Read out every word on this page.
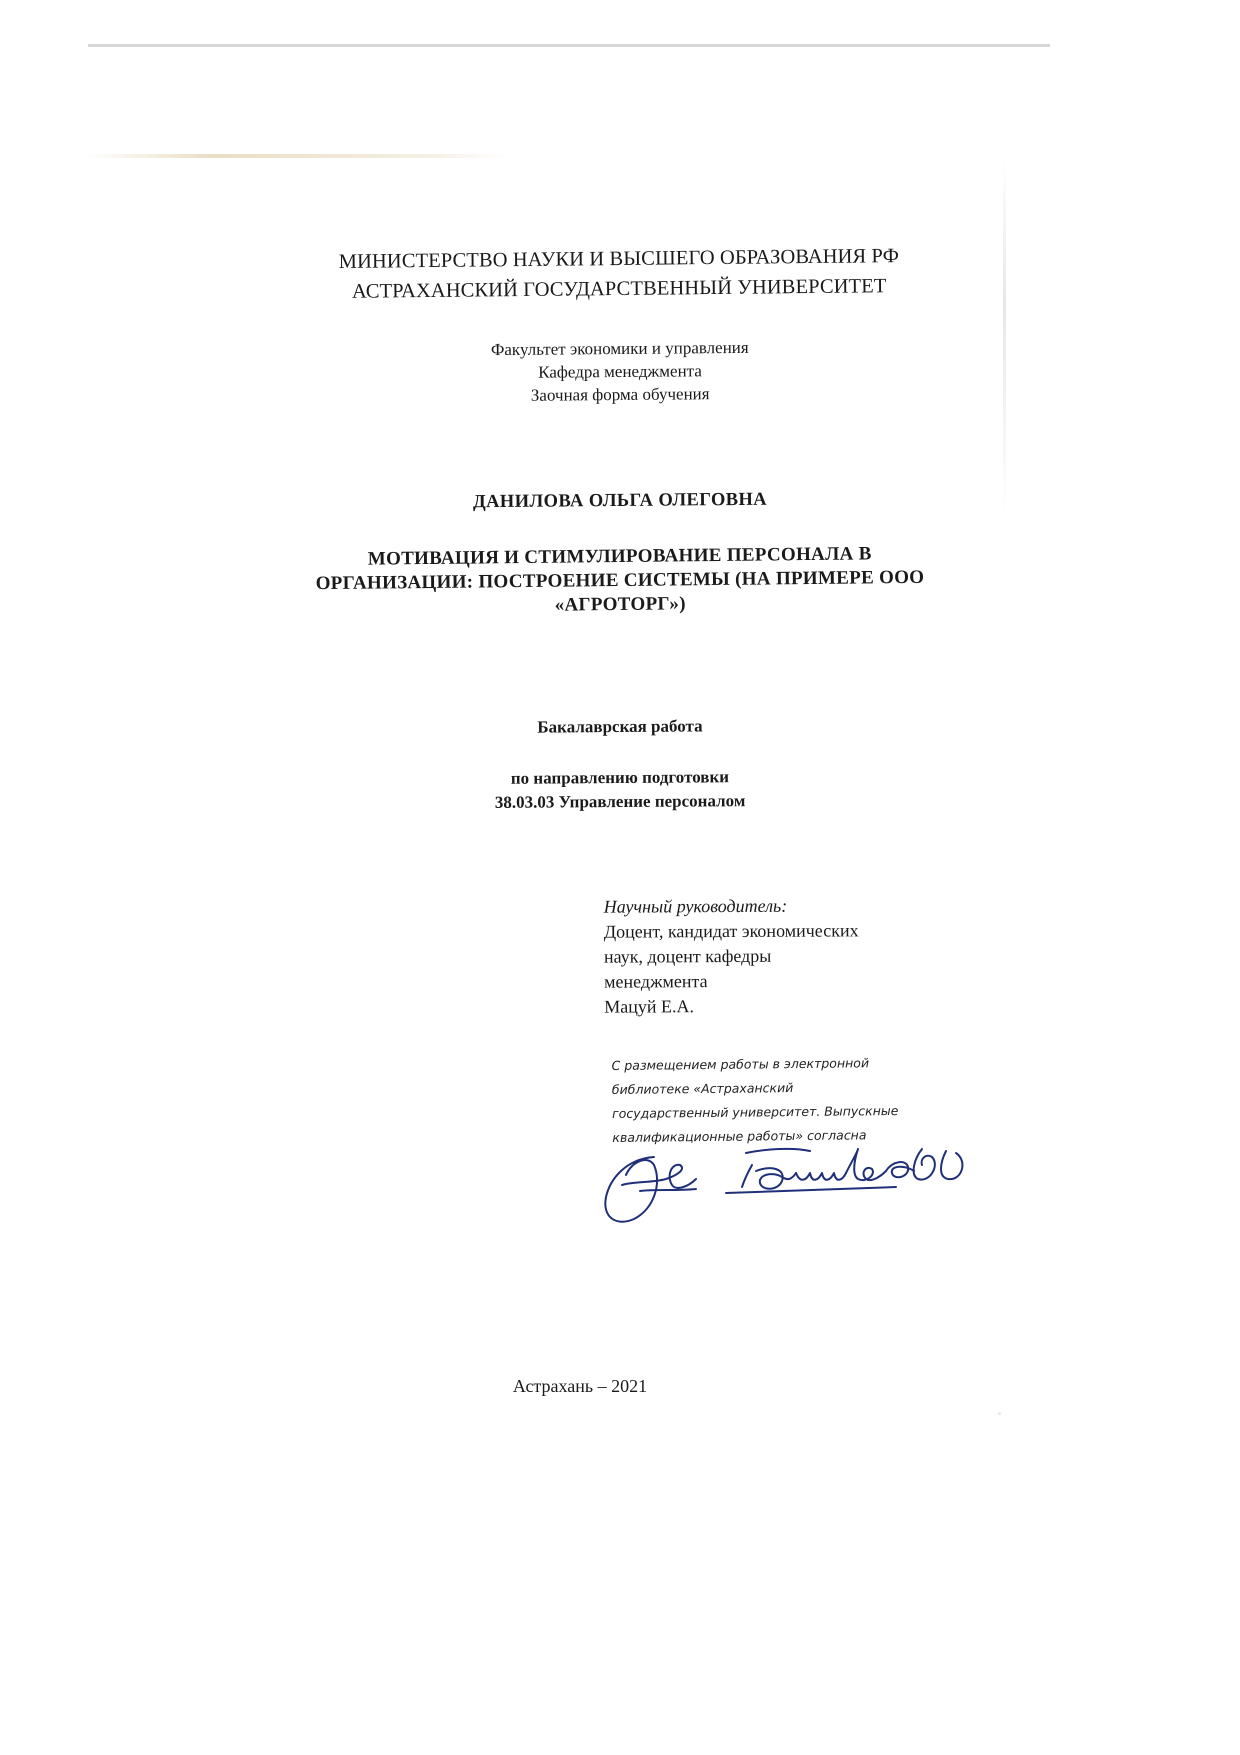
МИНИСТЕРСТВО НАУКИ И ВЫСШЕГО ОБРАЗОВАНИЯ РФ
АСТРАХАНСКИЙ ГОСУДАРСТВЕННЫЙ УНИВЕРСИТЕТ
Факультет экономики и управления
Кафедра менеджмента
Заочная форма обучения
ДАНИЛОВА ОЛЬГА ОЛЕГОВНА
МОТИВАЦИЯ И СТИМУЛИРОВАНИЕ ПЕРСОНАЛА В
ОРГАНИЗАЦИИ: ПОСТРОЕНИЕ СИСТЕМЫ (НА ПРИМЕРЕ ООО
«АГРОТОРГ»)
Бакалаврская работа
по направлению подготовки
38.03.03 Управление персоналом
Научный руководитель:
Доцент, кандидат экономических
наук, доцент кафедры
менеджмента
Мацуй Е.А.
С размещением работы в электронной
библиотеке «Астраханский
государственный университет. Выпускные
квалификационные работы» согласна
Астрахань – 2021
